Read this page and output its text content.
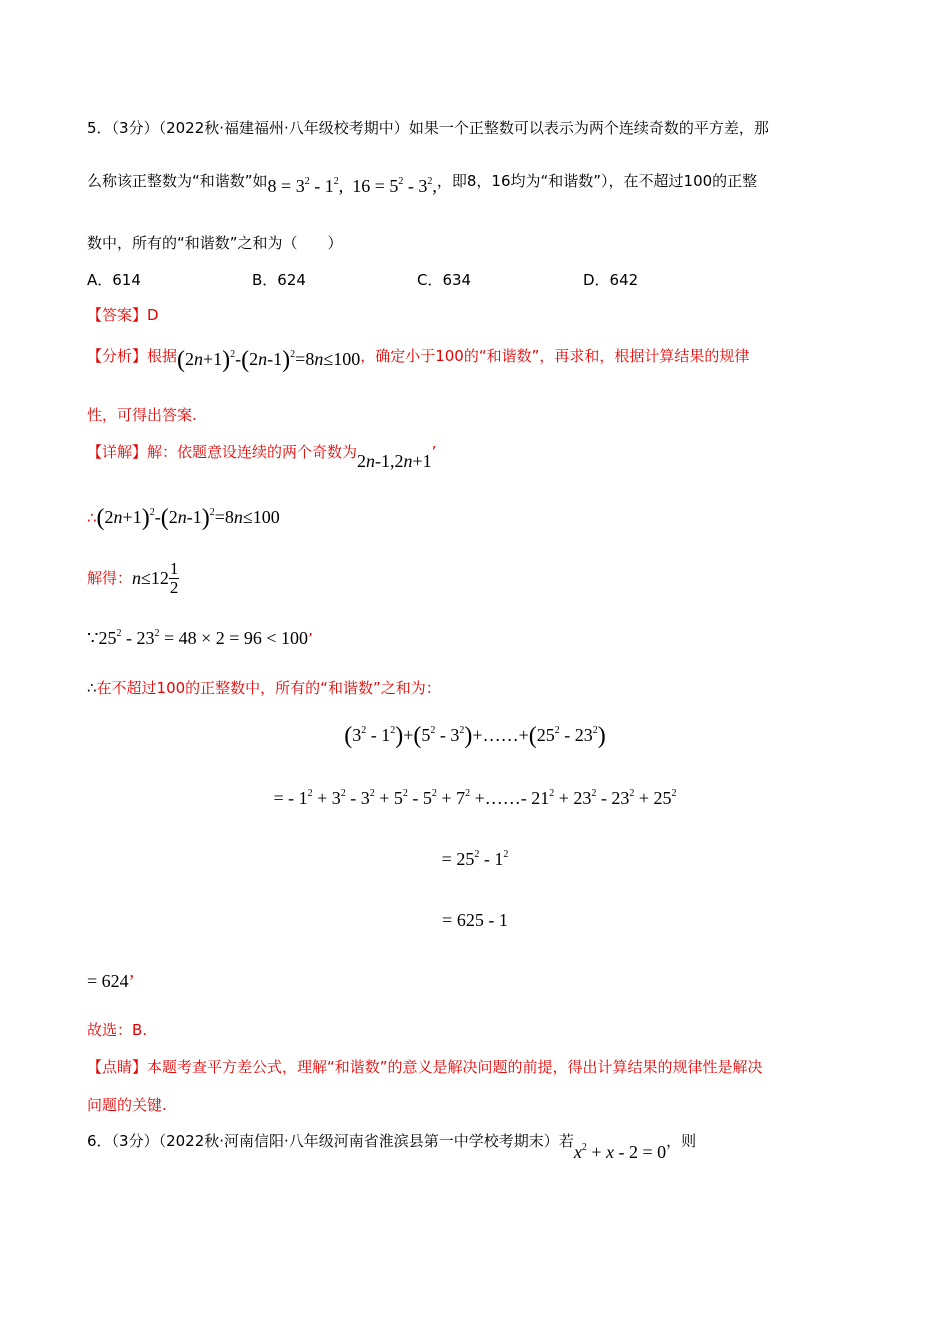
5．（3分）（2022秋·福建福州·八年级校考期中）如果一个正整数可以表示为两个连续奇数的平方差，那
么称该正整数为“和谐数”如$8 = 3^2 - 1^2$,  $16 = 5^2 - 3^2$,，即8，16均为“和谐数”），在不超过100的正整
数中，所有的“和谐数”之和为（　　）
A．614	B．624	C．634	D．642
【答案】D
【分析】根据$(2n+1)^2-(2n-1)^2=8n\le 100$，确定小于100的“和谐数”，再求和，根据计算结果的规律
性，可得出答案.
【详解】解：依题意设连续的两个奇数为2n-1,2n+1’
$\therefore(2n+1)^2-(2n-1)^2=8n\le 100$
解得：$n\le 12 \frac{1}{2}$
$\because 25^2 - 23^2 = 48 \times 2 = 96 < 100$’
∴在不超过100的正整数中，所有的“和谐数”之和为：
$(3^2 - 1^2)+(5^2$ - $3^2)+\dots\dots+(25^2 - 23^2)$
= - $1^2 + 3^2 - 3^2 + 5^2 - 5^2 + 7^2$ +……- $21^2 + 23^2 - 23^2 + 25^2$
= $25^2 - 1^2$
= 625 - 1
= 624’
故选：B.
【点睛】本题考查平方差公式，理解“和谐数”的意义是解决问题的前提，得出计算结果的规律性是解决
问题的关键.
6．（3分）（2022秋·河南信阳·八年级河南省淮滨县第一中学校考期末）若$x^2 + x - 2 = 0$，则
